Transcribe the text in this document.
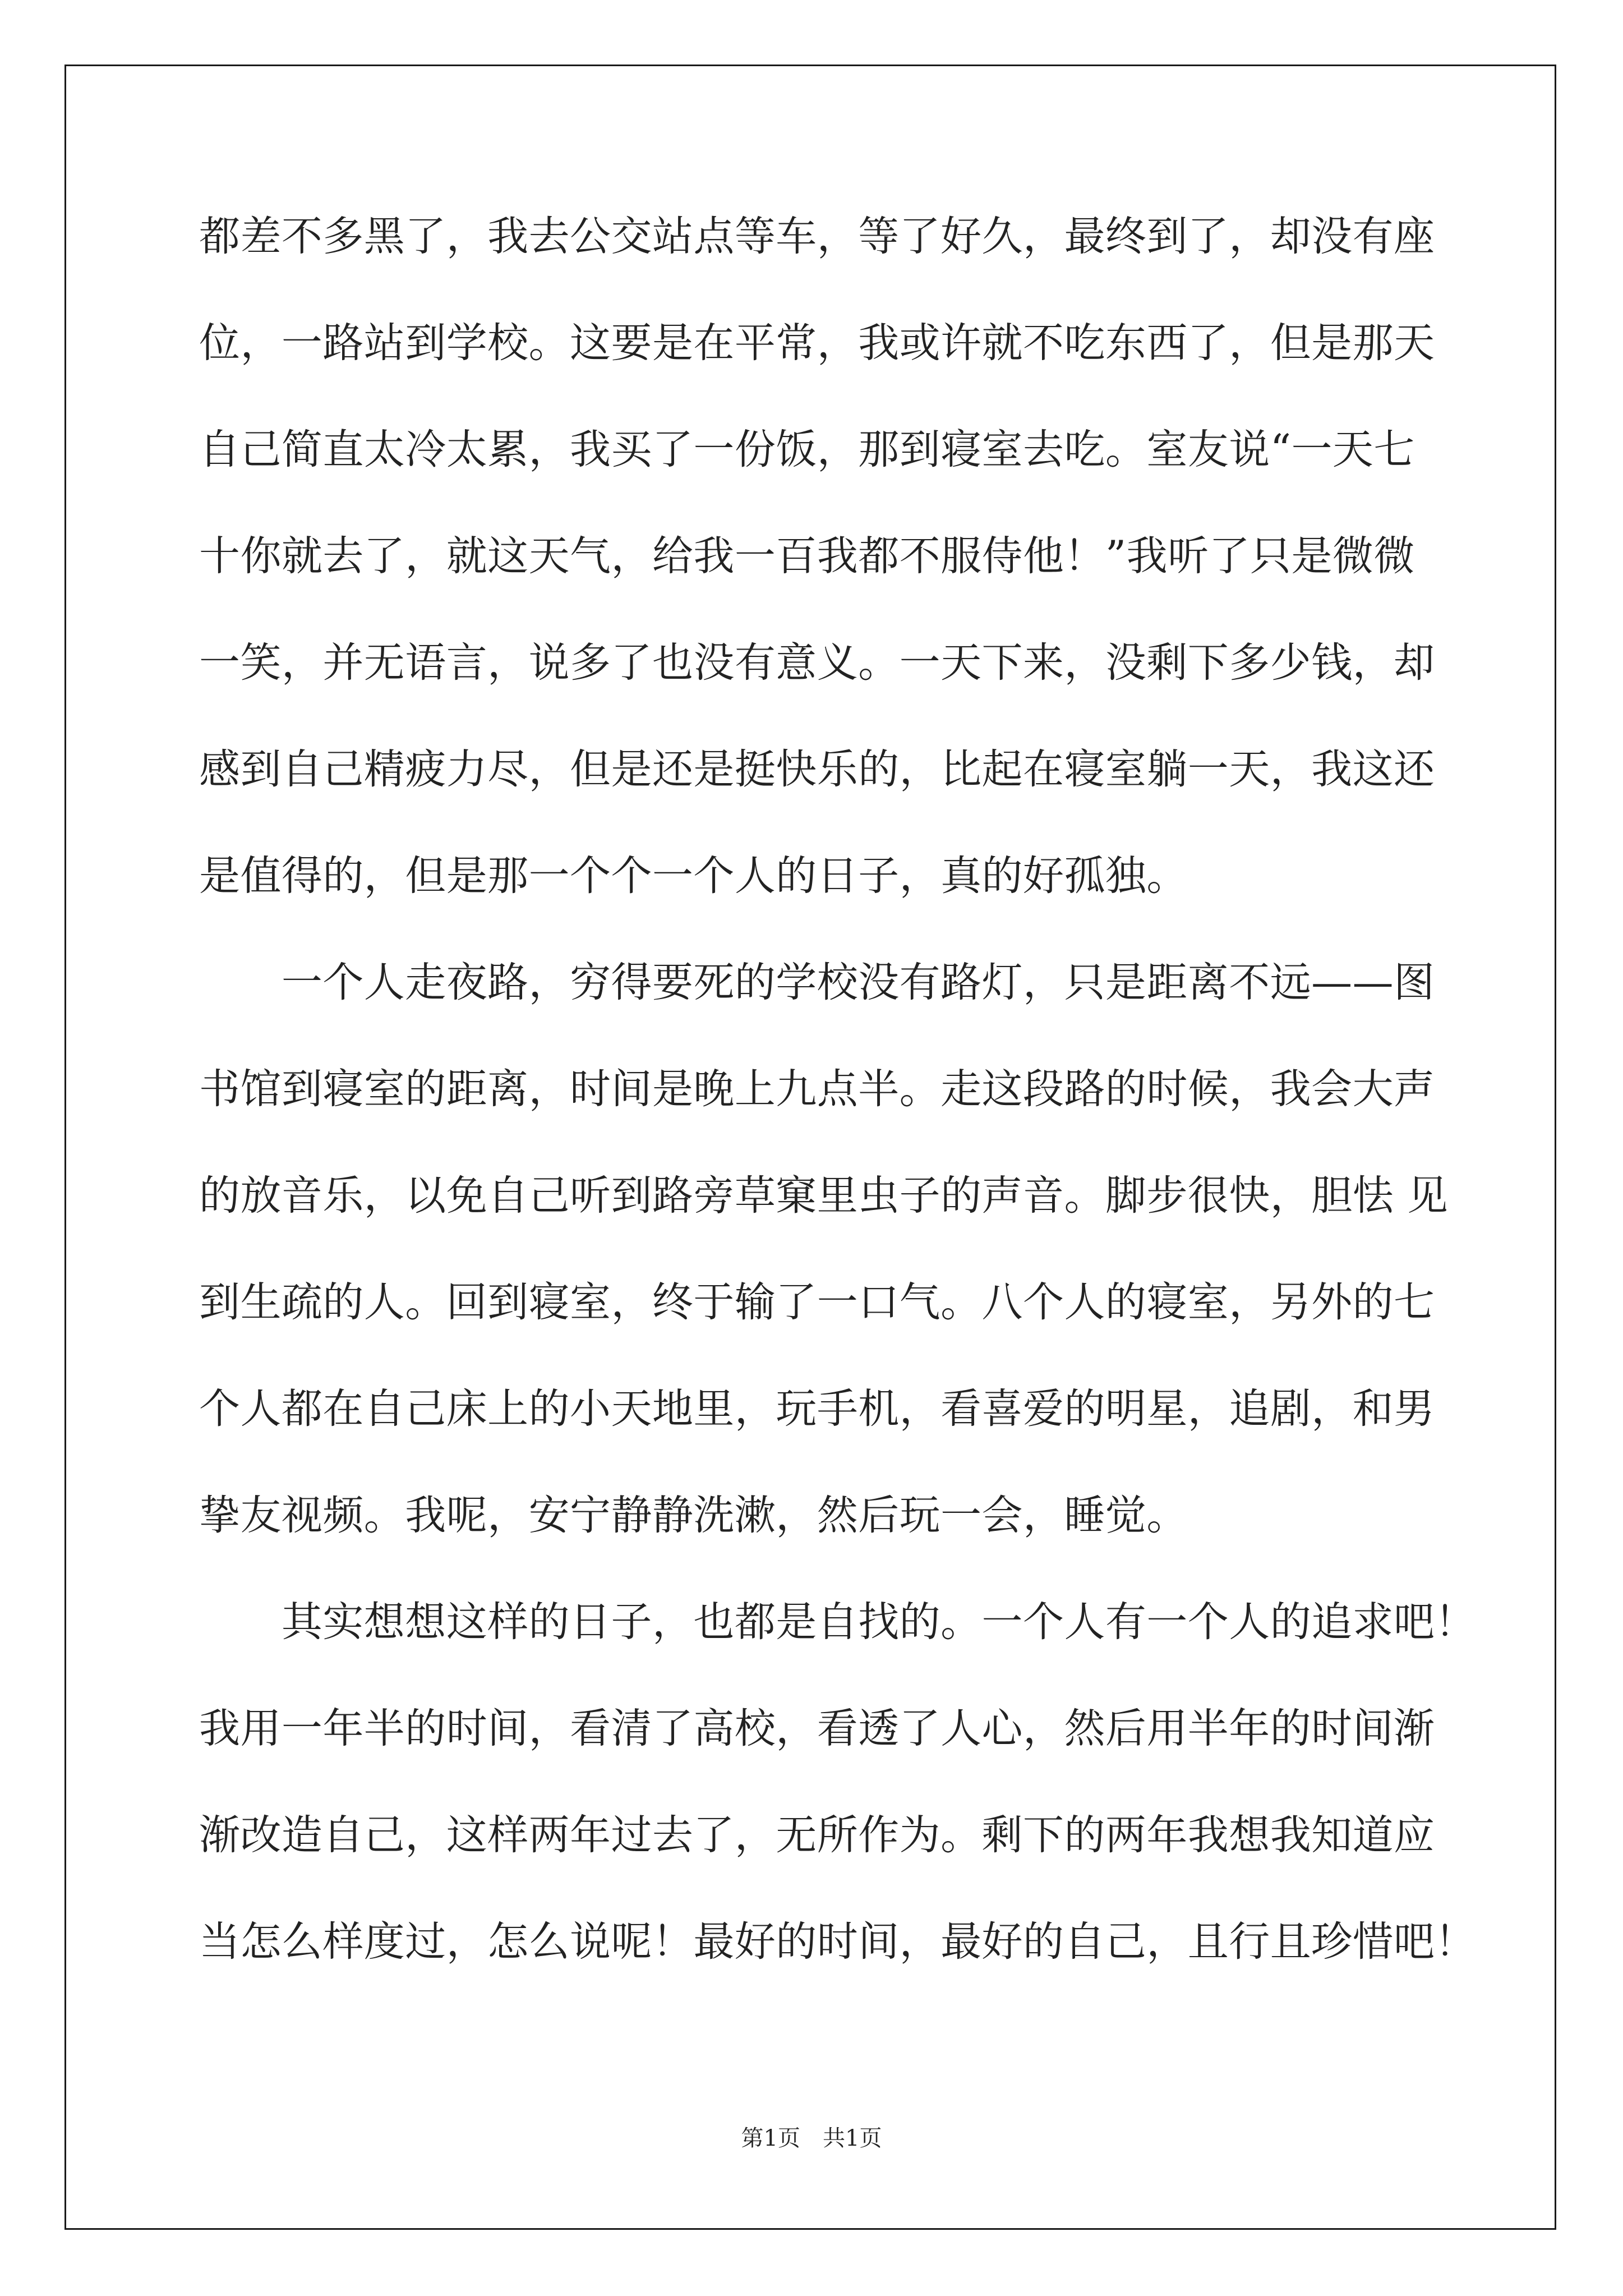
都差不多黑了，我去公交站点等车，等了好久，最终到了，却没有座
位，一路站到学校。这要是在平常，我或许就不吃东西了，但是那天
自己简直太冷太累，我买了一份饭，那到寝室去吃。室友说“一天七
十你就去了，就这天气，给我一百我都不服侍他！”我听了只是微微
一笑，并无语言，说多了也没有意义。一天下来，没剩下多少钱，却
感到自己精疲力尽，但是还是挺快乐的，比起在寝室躺一天，我这还
是值得的，但是那一个个一个人的日子，真的好孤独。
　　一个人走夜路，穷得要死的学校没有路灯，只是距离不远——图
书馆到寝室的距离，时间是晚上九点半。走这段路的时候，我会大声
的放音乐，以免自己听到路旁草窠里虫子的声音。脚步很快，胆怯 见
到生疏的人。回到寝室，终于输了一口气。八个人的寝室，另外的七
个人都在自己床上的小天地里，玩手机，看喜爱的明星，追剧，和男
挚友视频。我呢，安宁静静洗漱，然后玩一会，睡觉。
　　其实想想这样的日子，也都是自找的。一个人有一个人的追求吧！
我用一年半的时间，看清了高校，看透了人心，然后用半年的时间渐
渐改造自己，这样两年过去了，无所作为。剩下的两年我想我知道应
当怎么样度过，怎么说呢！最好的时间，最好的自己，且行且珍惜吧！
第1页　共1页
